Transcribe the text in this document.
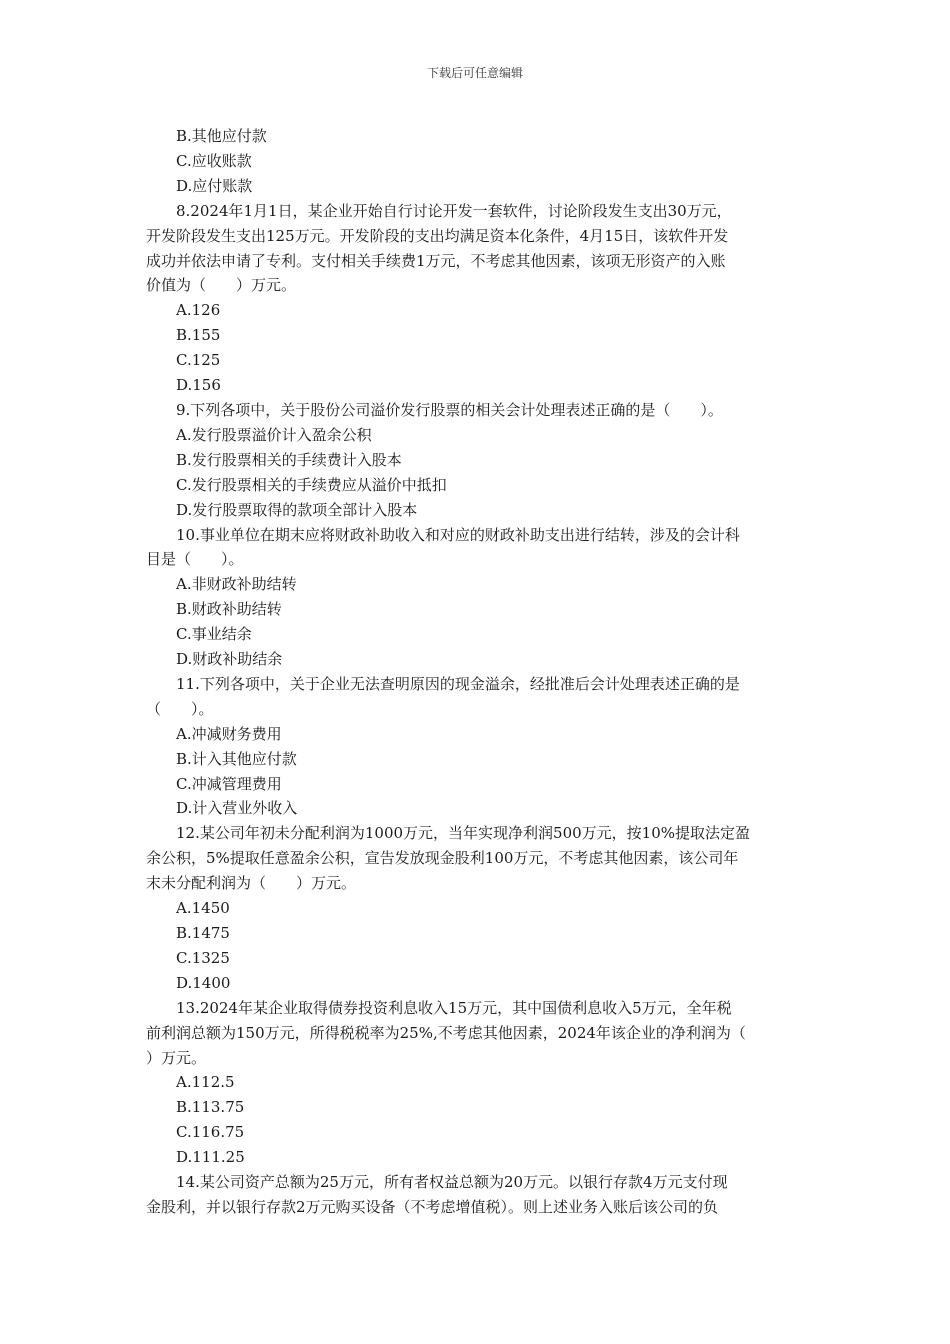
下载后可任意编辑
B.其他应付款
C.应收账款
D.应付账款
8.2024年1月1日，某企业开始自行讨论开发一套软件，讨论阶段发生支出30万元，
开发阶段发生支出125万元。开发阶段的支出均满足资本化条件，4月15日，该软件开发
成功并依法申请了专利。支付相关手续费1万元，不考虑其他因素，该项无形资产的入账
价值为（　　）万元。
A.126
B.155
C.125
D.156
9.下列各项中，关于股份公司溢价发行股票的相关会计处理表述正确的是（　　）。
A.发行股票溢价计入盈余公积
B.发行股票相关的手续费计入股本
C.发行股票相关的手续费应从溢价中抵扣
D.发行股票取得的款项全部计入股本
10.事业单位在期末应将财政补助收入和对应的财政补助支出进行结转，涉及的会计科
目是（　　）。
A.非财政补助结转
B.财政补助结转
C.事业结余
D.财政补助结余
11.下列各项中，关于企业无法查明原因的现金溢余，经批准后会计处理表述正确的是
（　　）。
A.冲减财务费用
B.计入其他应付款
C.冲减管理费用
D.计入营业外收入
12.某公司年初未分配利润为1000万元，当年实现净利润500万元，按10%提取法定盈
余公积，5%提取任意盈余公积，宣告发放现金股利100万元，不考虑其他因素，该公司年
末未分配利润为（　　）万元。
A.1450
B.1475
C.1325
D.1400
13.2024年某企业取得债券投资利息收入15万元，其中国债利息收入5万元，全年税
前利润总额为150万元，所得税税率为25%,不考虑其他因素，2024年该企业的净利润为（
）万元。
A.112.5
B.113.75
C.116.75
D.111.25
14.某公司资产总额为25万元，所有者权益总额为20万元。以银行存款4万元支付现
金股利，并以银行存款2万元购买设备（不考虑增值税）。则上述业务入账后该公司的负
